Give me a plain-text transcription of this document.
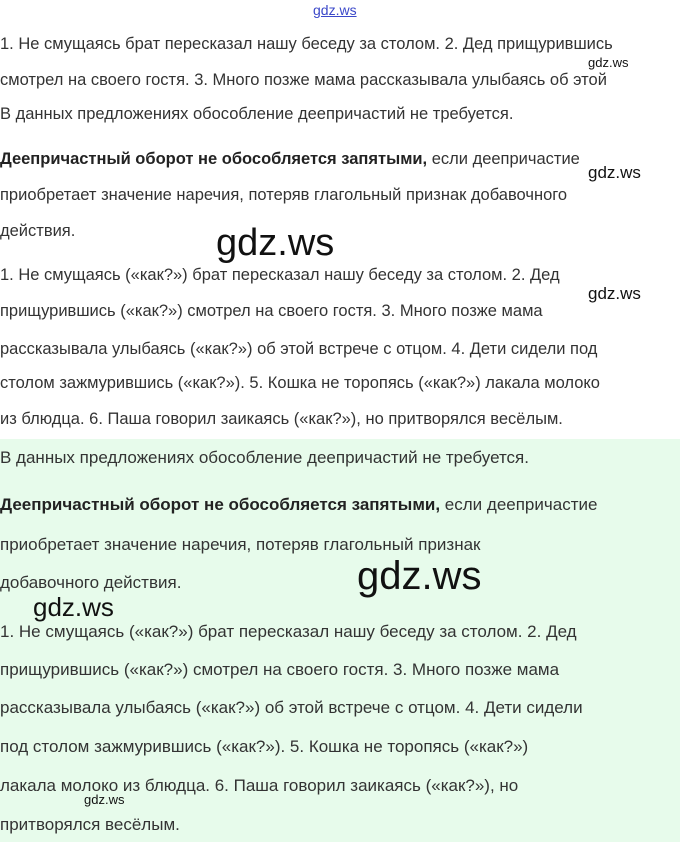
gdz.ws

1. Не смущаясь брат пересказал нашу беседу за столом. 2. Дед прищурившись

gdz.ws

смотрел на своего гостя. 3. Много позже мама рассказывала улыбаясь об этой

В данных предложениях обособление деепричастий не требуется.

Деепричастный оборот не обособляется запятыми, если деепричастие

gdz.ws

приобретает значение наречия, потеряв глагольный признак добавочного

действия.	gdz.ws

1. Не смущаясь («как?») брат пересказал нашу беседу за столом. 2. Дед

gdz.ws

прищурившись («как?») смотрел на своего гостя. 3. Много позже мама

рассказывала улыбаясь («как?») об этой встрече с отцом. 4. Дети сидели под

столом зажмурившись («как?»). 5. Кошка не торопясь («как?») лакала молоко

из блюдца. 6. Паша говорил заикаясь («как?»), но притворялся весёлым.

В данных предложениях обособление деепричастий не требуется.

Деепричастный оборот не обособляется запятыми, если деепричастие

приобретает значение наречия, потеряв глагольный признак

добавочного действия.	gdz.ws
gdz.ws

1. Не смущаясь («как?») брат пересказал нашу беседу за столом. 2. Дед

прищурившись («как?») смотрел на своего гостя. 3. Много позже мама

рассказывала улыбаясь («как?») об этой встрече с отцом. 4. Дети сидели

под столом зажмурившись («как?»). 5. Кошка не торопясь («как?»)

лакала молоко из блюдца. 6. Паша говорил заикаясь («как?»), но

gdz.ws

притворялся весёлым.
